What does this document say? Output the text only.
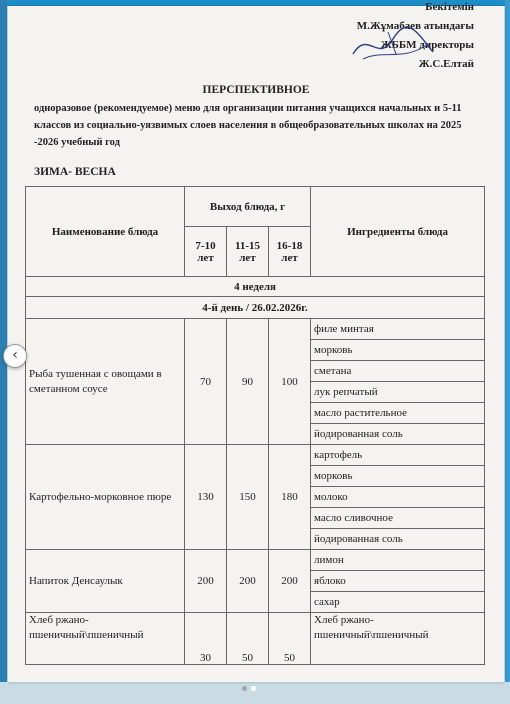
Бекітемін
М.Жұмабаев атындағы
ЖББМ директоры
Ж.С.Елтай
ПЕРСПЕКТИВНОЕ
одноразовое (рекомендуемое) меню для организации питания учащихся начальных и 5-11 классов из социально-уязвимых слоев населения в общеобразовательных школах на 2025 -2026 учебный год
ЗИМА- ВЕСНА
Наименование блюда	Выход блюда, г			Ингредиенты блюда
	7-10 лет	11-15 лет	16-18 лет	
4 неделя				
4-й день / 26.02.2026г.				
Рыба тушенная с овощами в сметанном соусе	70	90	100	филе минтая
				морковь
				сметана
				лук репчатый
				масло растительное
				йодированная соль
Картофельно-морковное пюре	130	150	180	картофель
				морковь
				молоко
				масло сливочное
				йодированная соль
Напиток Денсаулык	200	200	200	лимон
				яблоко
				сахар
Хлеб ржано-пшеничный\пшеничный	30	50	50	Хлеб ржано-пшеничный\пшеничный
‹
